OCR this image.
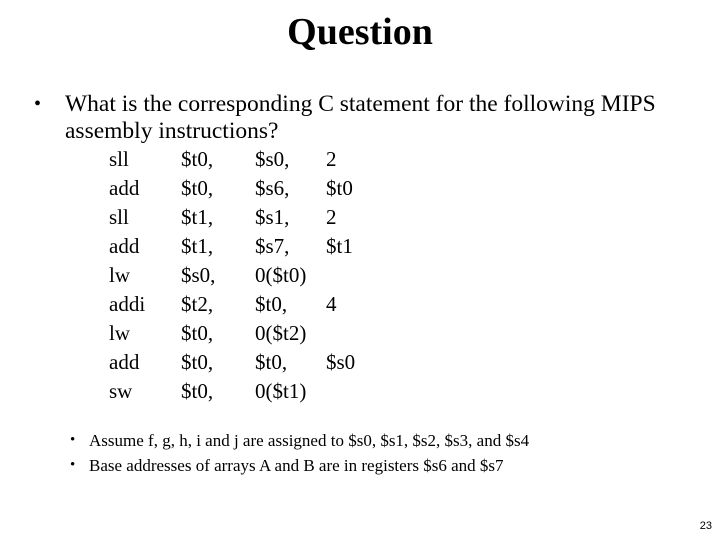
Question
• What is the corresponding C statement for the following MIPS assembly instructions?
sll	$t0,	$s0,	2
add	$t0,	$s6,	$t0
sll	$t1,	$s1,	2
add	$t1,	$s7,	$t1
lw	$s0,	0($t0)	
addi	$t2,	$t0,	4
lw	$t0,	0($t2)	
add	$t0,	$t0,	$s0
sw	$t0,	0($t1)	
• Assume f, g, h, i and j are assigned to $s0, $s1, $s2, $s3, and $s4
• Base addresses of arrays A and B are in registers $s6 and $s7
23
